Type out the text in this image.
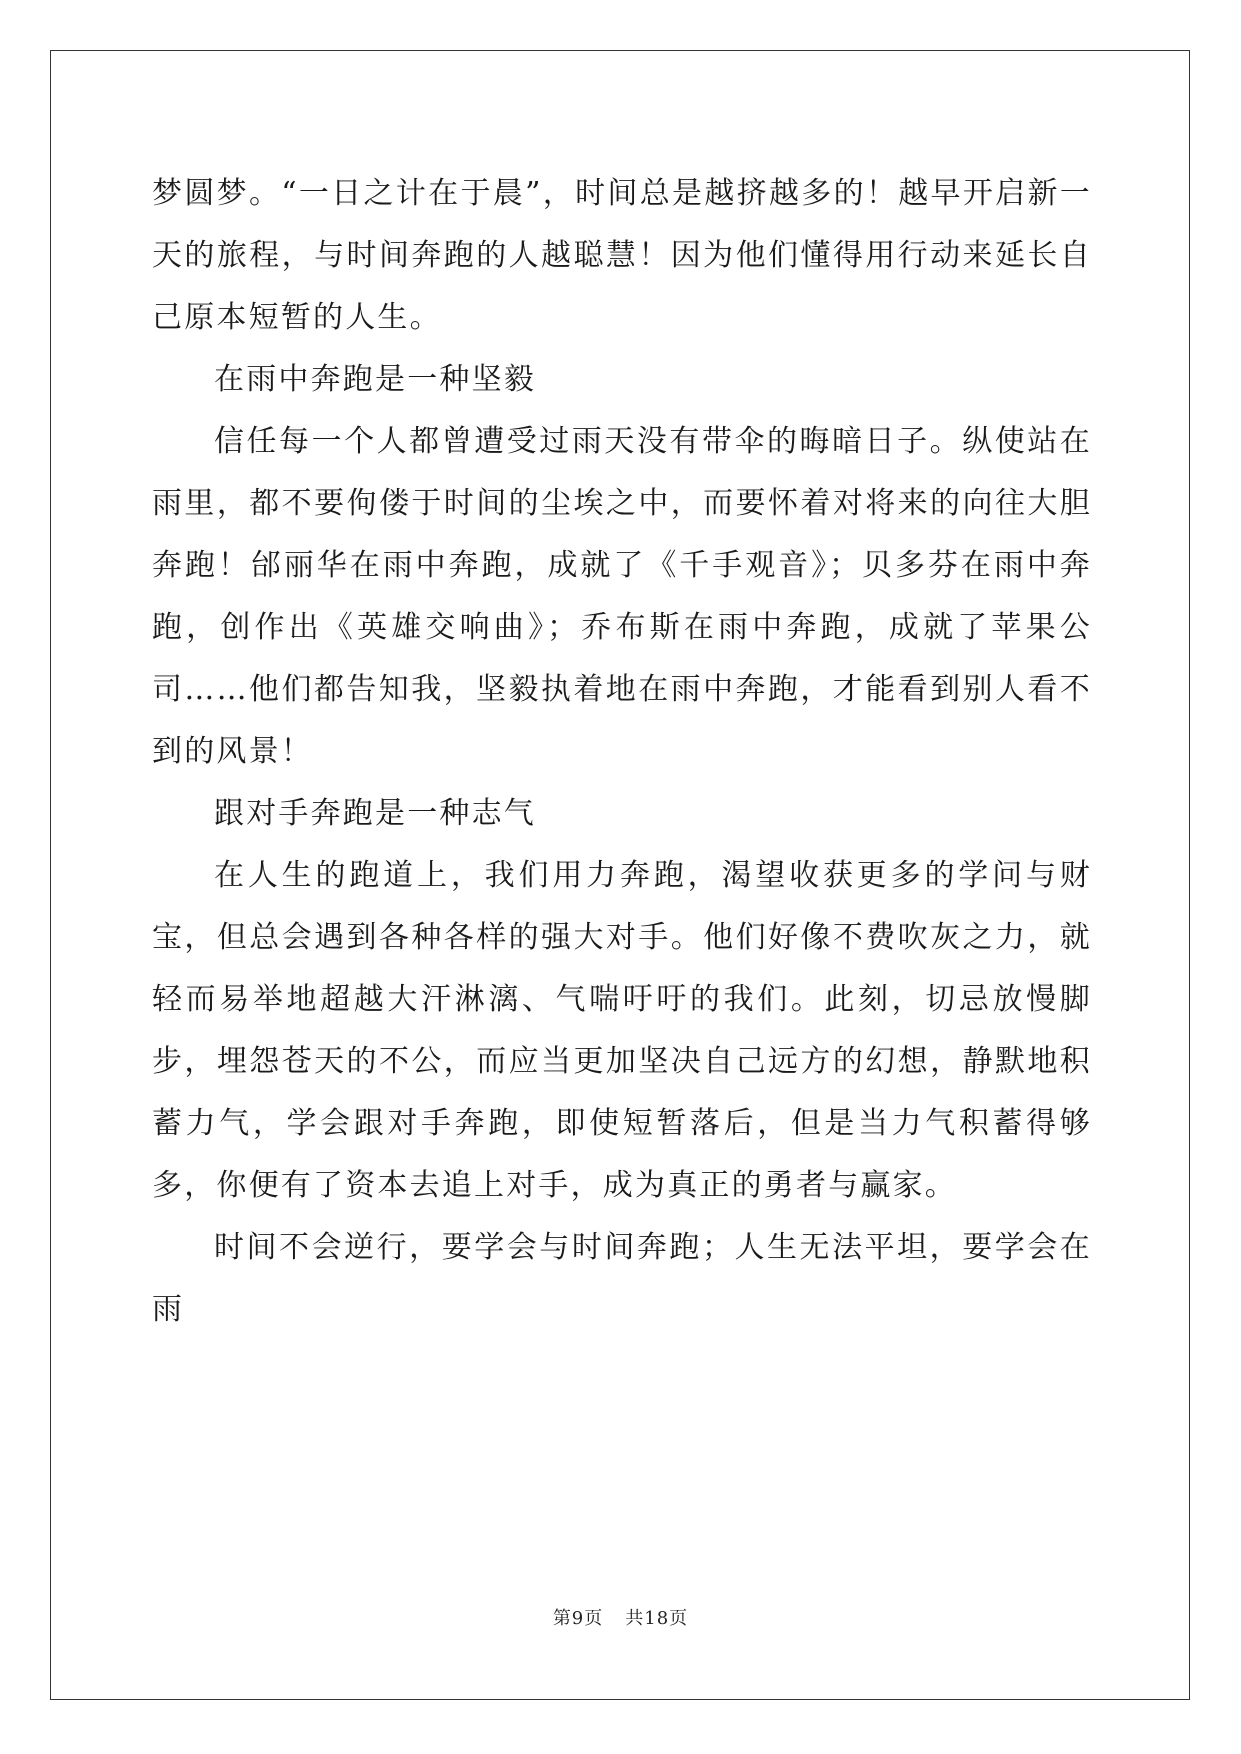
梦圆梦。“一日之计在于晨”，时间总是越挤越多的！越早开启新一天的旅程，与时间奔跑的人越聪慧！因为他们懂得用行动来延长自己原本短暂的人生。

在雨中奔跑是一种坚毅

信任每一个人都曾遭受过雨天没有带伞的晦暗日子。纵使站在雨里，都不要佝偻于时间的尘埃之中，而要怀着对将来的向往大胆奔跑！邰丽华在雨中奔跑，成就了《千手观音》；贝多芬在雨中奔跑，创作出《英雄交响曲》；乔布斯在雨中奔跑，成就了苹果公司……他们都告知我，坚毅执着地在雨中奔跑，才能看到别人看不到的风景！

跟对手奔跑是一种志气

在人生的跑道上，我们用力奔跑，渴望收获更多的学问与财宝，但总会遇到各种各样的强大对手。他们好像不费吹灰之力，就轻而易举地超越大汗淋漓、气喘吁吁的我们。此刻，切忌放慢脚步，埋怨苍天的不公，而应当更加坚决自己远方的幻想，静默地积蓄力气，学会跟对手奔跑，即使短暂落后，但是当力气积蓄得够多，你便有了资本去追上对手，成为真正的勇者与赢家。

时间不会逆行，要学会与时间奔跑；人生无法平坦，要学会在雨

第9页 共18页
